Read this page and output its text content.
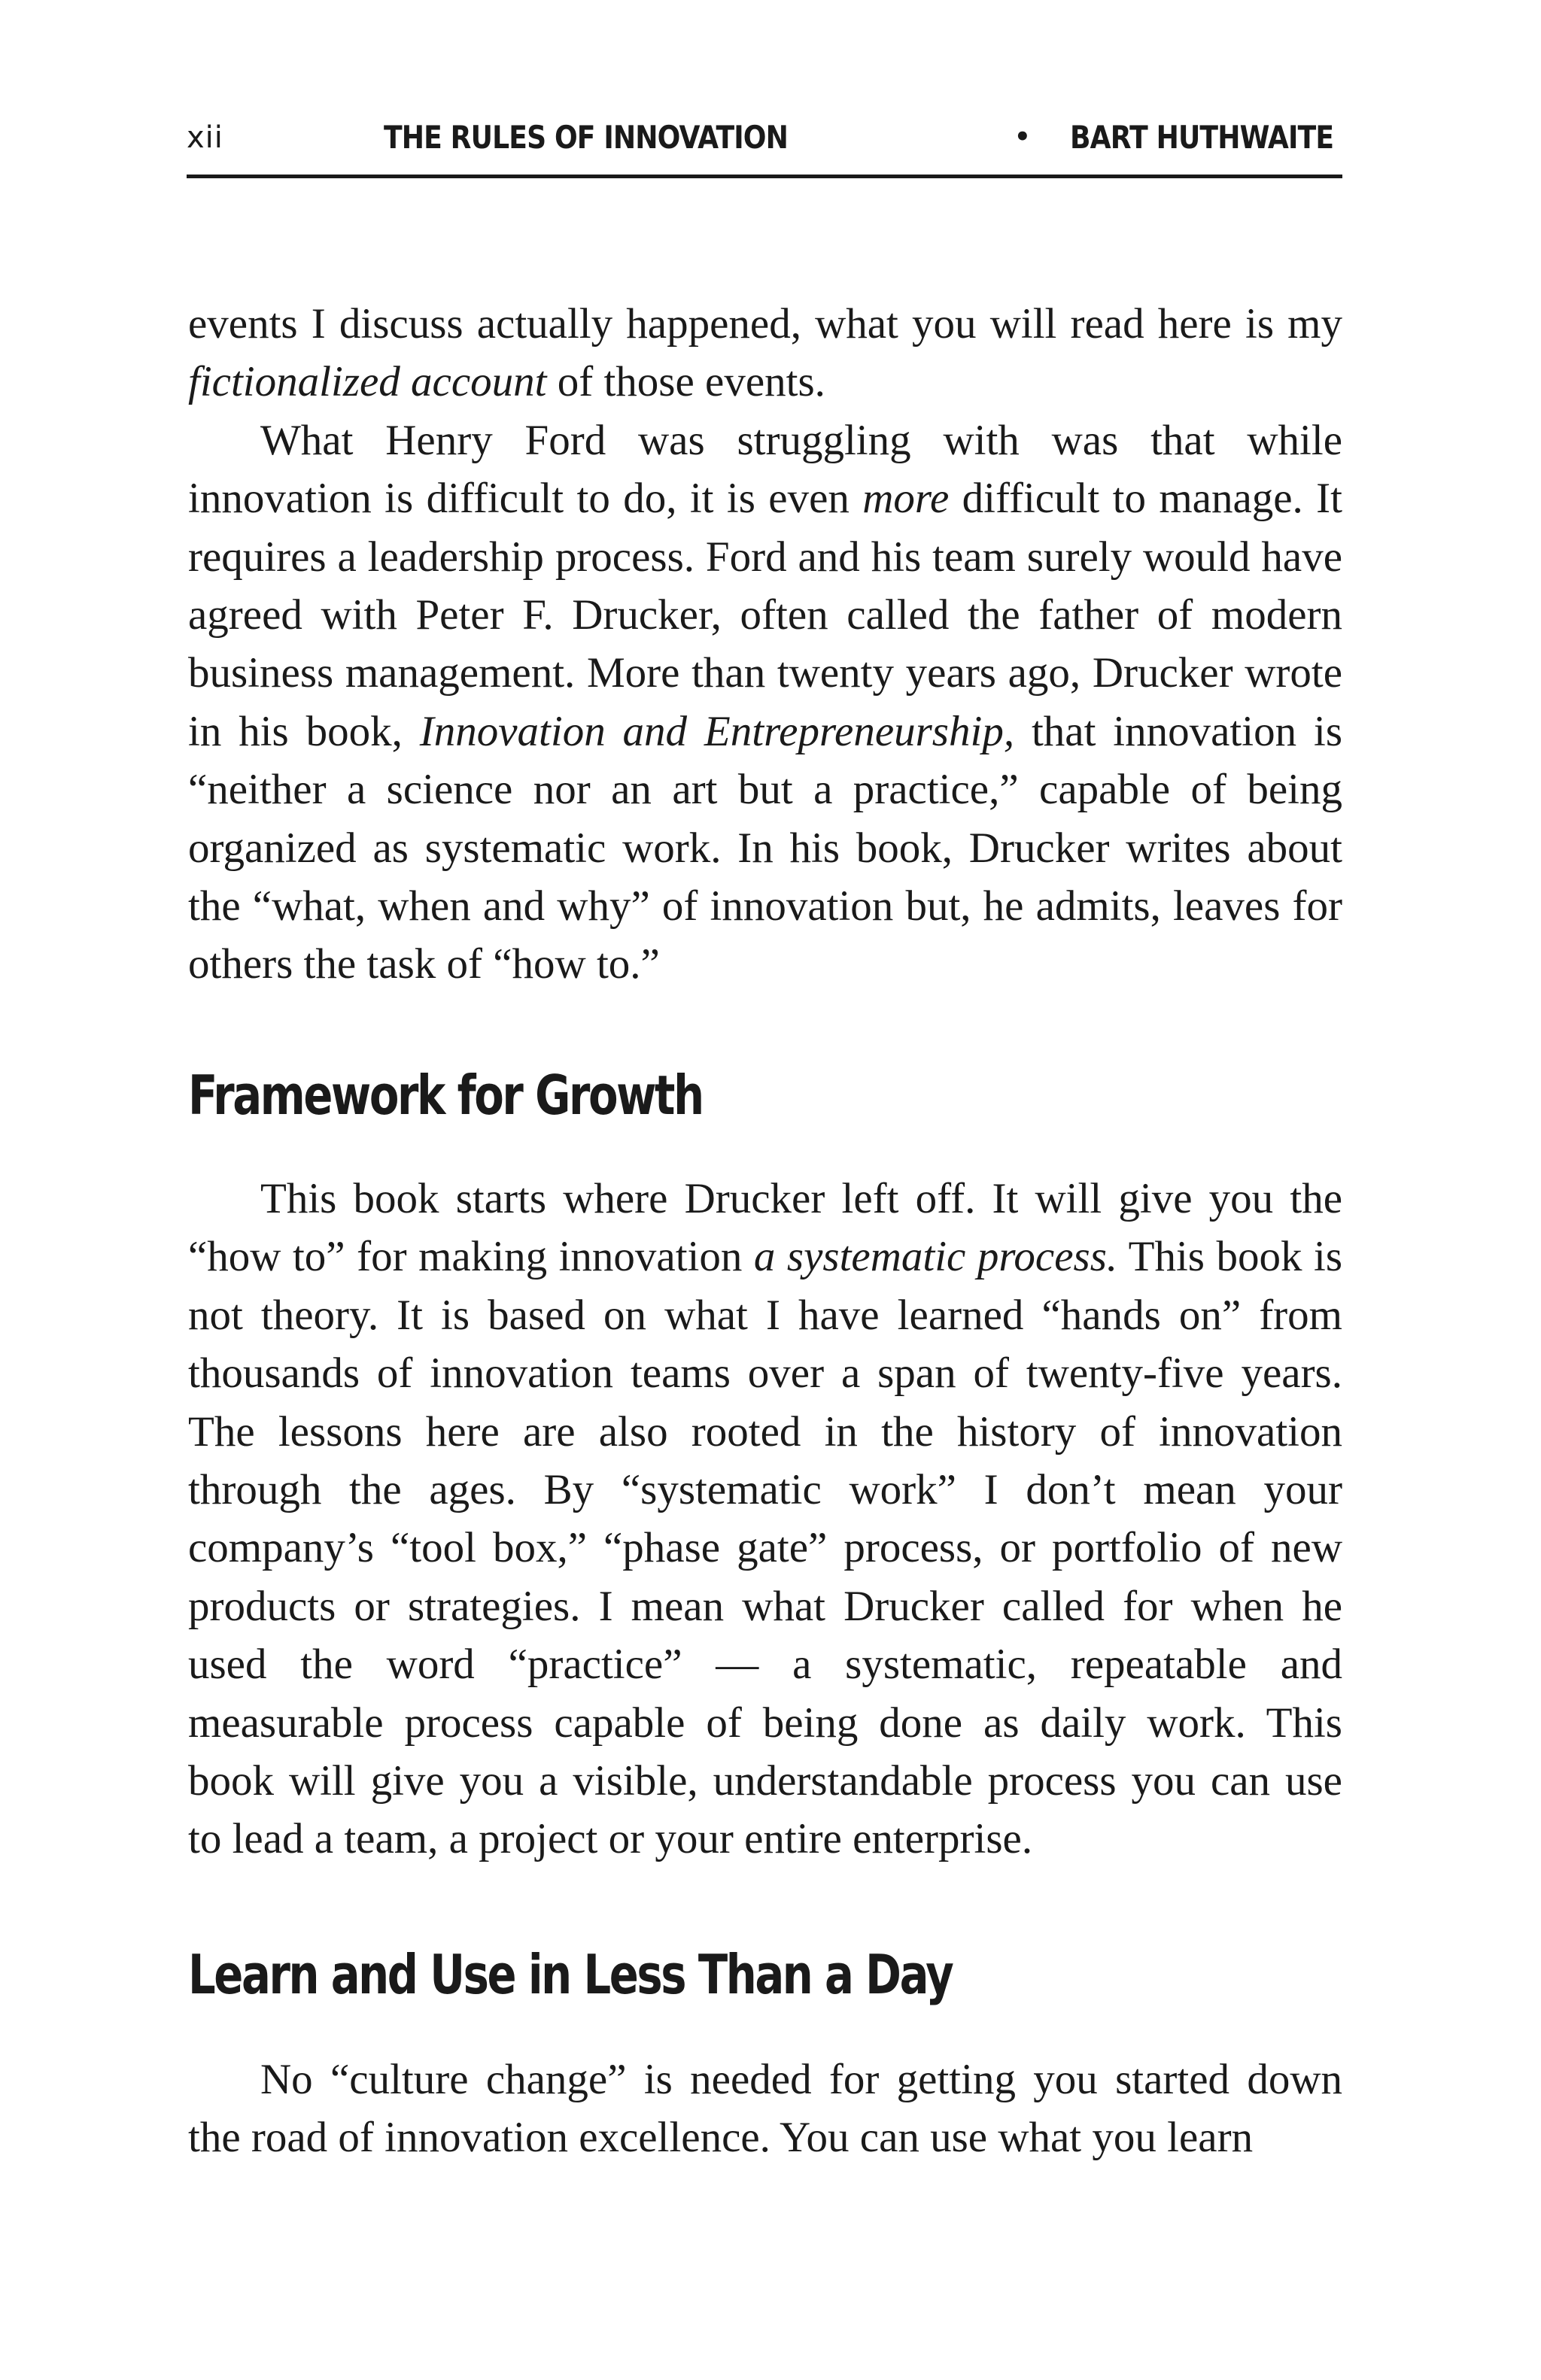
xii	THE RULES OF INNOVATION	• BART HUTHWAITE

events I discuss actually happened, what you will read here is my fictionalized account of those events.

What Henry Ford was struggling with was that while innovation is difficult to do, it is even more difficult to manage. It requires a leadership process. Ford and his team surely would have agreed with Peter F. Drucker, often called the father of modern business management. More than twenty years ago, Drucker wrote in his book, Innovation and Entrepreneurship, that innovation is “neither a science nor an art but a practice,” capable of being organized as systematic work. In his book, Drucker writes about the “what, when and why” of innovation but, he admits, leaves for others the task of “how to.”

Framework for Growth

This book starts where Drucker left off. It will give you the “how to” for making innovation a systematic process. This book is not theory. It is based on what I have learned “hands on” from thousands of innovation teams over a span of twenty-five years. The lessons here are also rooted in the history of innovation through the ages. By “systematic work” I don’t mean your company’s “tool box,” “phase gate” process, or portfolio of new products or strategies. I mean what Drucker called for when he used the word “practice” — a systematic, repeatable and measurable process capable of being done as daily work. This book will give you a visible, understandable process you can use to lead a team, a project or your entire enterprise.

Learn and Use in Less Than a Day

No “culture change” is needed for getting you started down the road of innovation excellence. You can use what you learn
